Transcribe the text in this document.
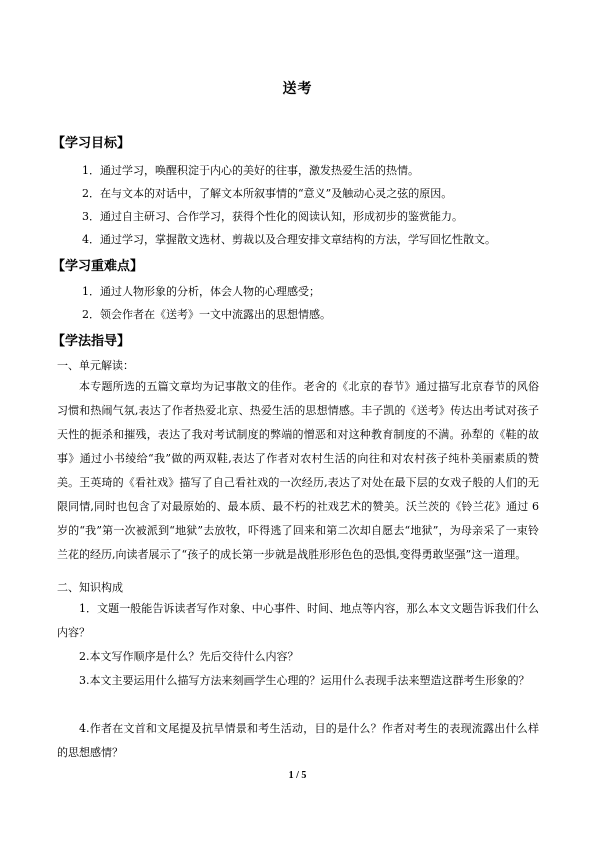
送考
【学习目标】
1．通过学习，唤醒积淀于内心的美好的往事，激发热爱生活的热情。
2．在与文本的对话中，了解文本所叙事情的“意义”及触动心灵之弦的原因。
3．通过自主研习、合作学习，获得个性化的阅读认知，形成初步的鉴赏能力。
4．通过学习，掌握散文选材、剪裁以及合理安排文章结构的方法，学写回忆性散文。
【学习重难点】
1．通过人物形象的分析，体会人物的心理感受；
2．领会作者在《送考》一文中流露出的思想情感。
【学法指导】
一、单元解读：
本专题所选的五篇文章均为记事散文的佳作。老舍的《北京的春节》通过描写北京春节的风俗习惯和热闹气氛,表达了作者热爱北京、热爱生活的思想情感。丰子凯的《送考》传达出考试对孩子天性的扼杀和摧残，表达了我对考试制度的弊端的憎恶和对这种教育制度的不满。孙犁的《鞋的故事》通过小书绫给“我”做的两双鞋,表达了作者对农村生活的向往和对农村孩子纯朴美丽素质的赞美。王英琦的《看社戏》描写了自己看社戏的一次经历,表达了对处在最下层的女戏子般的人们的无限同情,同时也包含了对最原始的、最本质、最不朽的社戏艺术的赞美。沃兰茨的《铃兰花》通过 6 岁的“我”第一次被派到“地狱”去放牧，吓得逃了回来和第二次却自愿去“地狱”，为母亲采了一束铃兰花的经历,向读者展示了“孩子的成长第一步就是战胜形形色色的恐惧,变得勇敢坚强”这一道理。
二、知识构成
1．文题一般能告诉读者写作对象、中心事件、时间、地点等内容，那么本文文题告诉我们什么内容？
2.本文写作顺序是什么？先后交待什么内容？
3.本文主要运用什么描写方法来刻画学生心理的？运用什么表现手法来塑造这群考生形象的？
4.作者在文首和文尾提及抗旱情景和考生活动，目的是什么？作者对考生的表现流露出什么样的思想感情？
1 / 5
